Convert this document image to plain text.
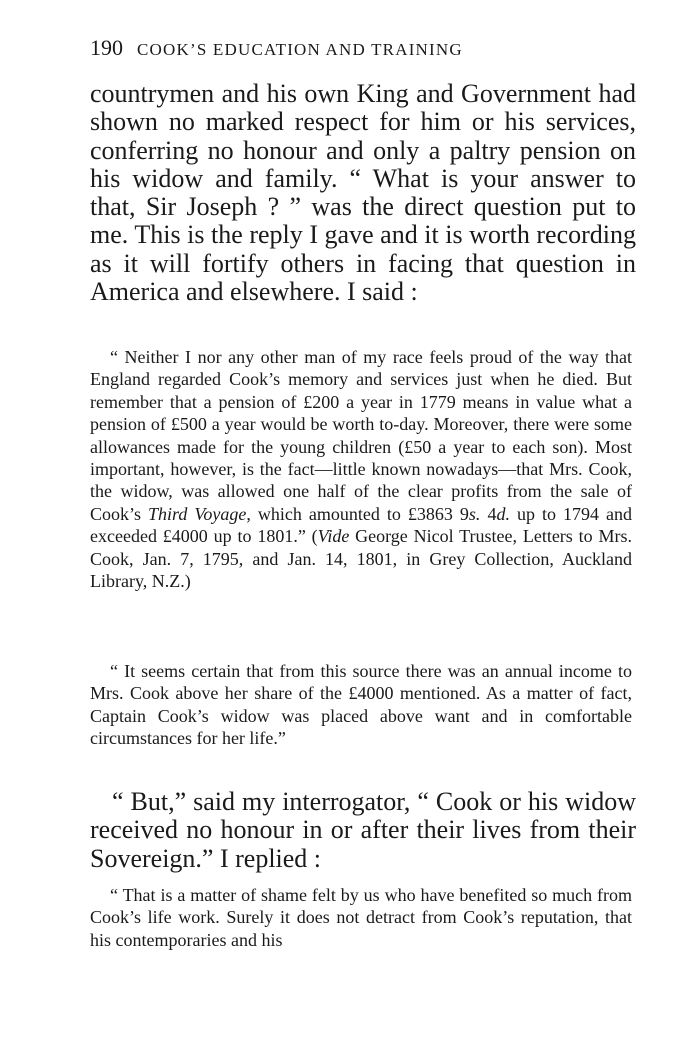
190 COOK’S EDUCATION AND TRAINING

countrymen and his own King and Government had shown no marked respect for him or his services, conferring no honour and only a paltry pension on his widow and family. “ What is your answer to that, Sir Joseph ? ” was the direct question put to me. This is the reply I gave and it is worth recording as it will fortify others in facing that question in America and elsewhere. I said :

“ Neither I nor any other man of my race feels proud of the way that England regarded Cook’s memory and services just when he died. But remember that a pension of £200 a year in 1779 means in value what a pension of £500 a year would be worth to-day. Moreover, there were some allowances made for the young children (£50 a year to each son). Most important, however, is the fact—little known nowadays—that Mrs. Cook, the widow, was allowed one half of the clear profits from the sale of Cook’s Third Voyage, which amounted to £3863 9s. 4d. up to 1794 and exceeded £4000 up to 1801.” (Vide George Nicol Trustee, Letters to Mrs. Cook, Jan. 7, 1795, and Jan. 14, 1801, in Grey Collection, Auckland Library, N.Z.)

“ It seems certain that from this source there was an annual income to Mrs. Cook above her share of the £4000 mentioned. As a matter of fact, Captain Cook’s widow was placed above want and in comfortable circumstances for her life.”

“ But,” said my interrogator, “ Cook or his widow received no honour in or after their lives from their Sovereign.” I replied :

“ That is a matter of shame felt by us who have benefited so much from Cook’s life work. Surely it does not detract from Cook’s reputation, that his contemporaries and his
